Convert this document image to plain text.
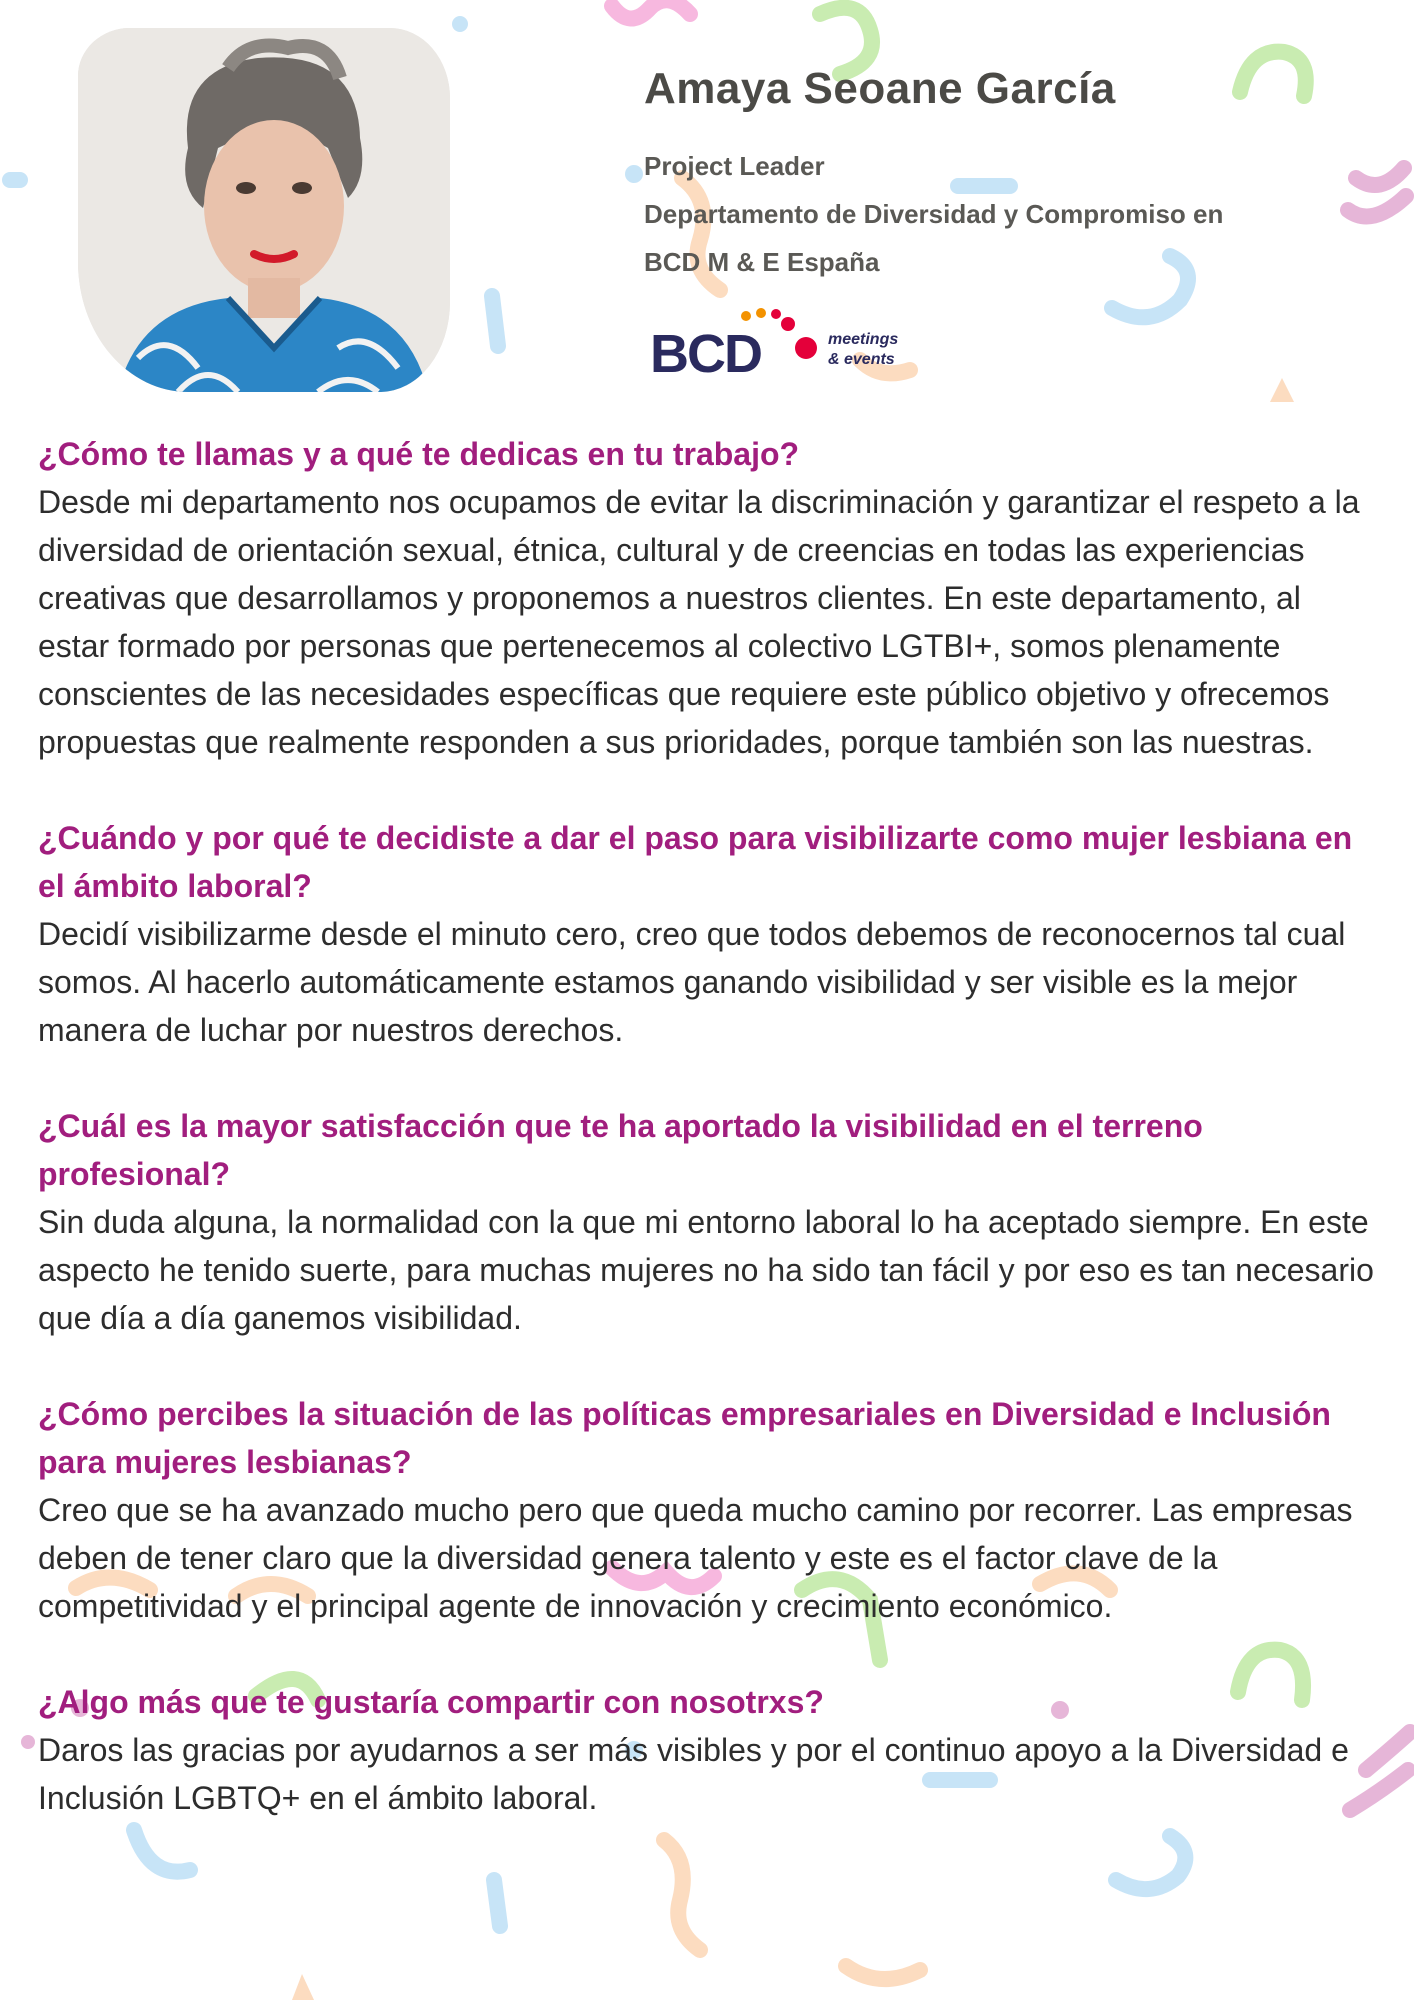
Amaya Seoane García
Project Leader
Departamento de Diversidad y Compromiso en
BCD M & E España
BCD	meetings
& events

¿Cómo te llamas y a qué te dedicas en tu trabajo?

Desde mi departamento nos ocupamos de evitar la discriminación y garantizar el respeto a la diversidad de orientación sexual, étnica, cultural y de creencias en todas las experiencias creativas que desarrollamos y proponemos a nuestros clientes. En este departamento, al estar formado por personas que pertenecemos al colectivo LGTBI+, somos plenamente conscientes de las necesidades específicas que requiere este público objetivo y ofrecemos propuestas que realmente responden a sus prioridades, porque también son las nuestras.

¿Cuándo y por qué te decidiste a dar el paso para visibilizarte como mujer lesbiana en el ámbito laboral?

Decidí visibilizarme desde el minuto cero, creo que todos debemos de reconocernos tal cual somos. Al hacerlo automáticamente estamos ganando visibilidad y ser visible es la mejor manera de luchar por nuestros derechos.

¿Cuál es la mayor satisfacción que te ha aportado la visibilidad en el terreno profesional?

Sin duda alguna, la normalidad con la que mi entorno laboral lo ha aceptado siempre. En este aspecto he tenido suerte, para muchas mujeres no ha sido tan fácil y por eso es tan necesario que día a día ganemos visibilidad.

¿Cómo percibes la situación de las políticas empresariales en Diversidad e Inclusión para mujeres lesbianas?

Creo que se ha avanzado mucho pero que queda mucho camino por recorrer. Las empresas deben de tener claro que la diversidad genera talento y este es el factor clave de la competitividad y el principal agente de innovación y crecimiento económico.

¿Algo más que te gustaría compartir con nosotrxs?

Daros las gracias por ayudarnos a ser más visibles y por el continuo apoyo a la Diversidad e Inclusión LGBTQ+ en el ámbito laboral.
